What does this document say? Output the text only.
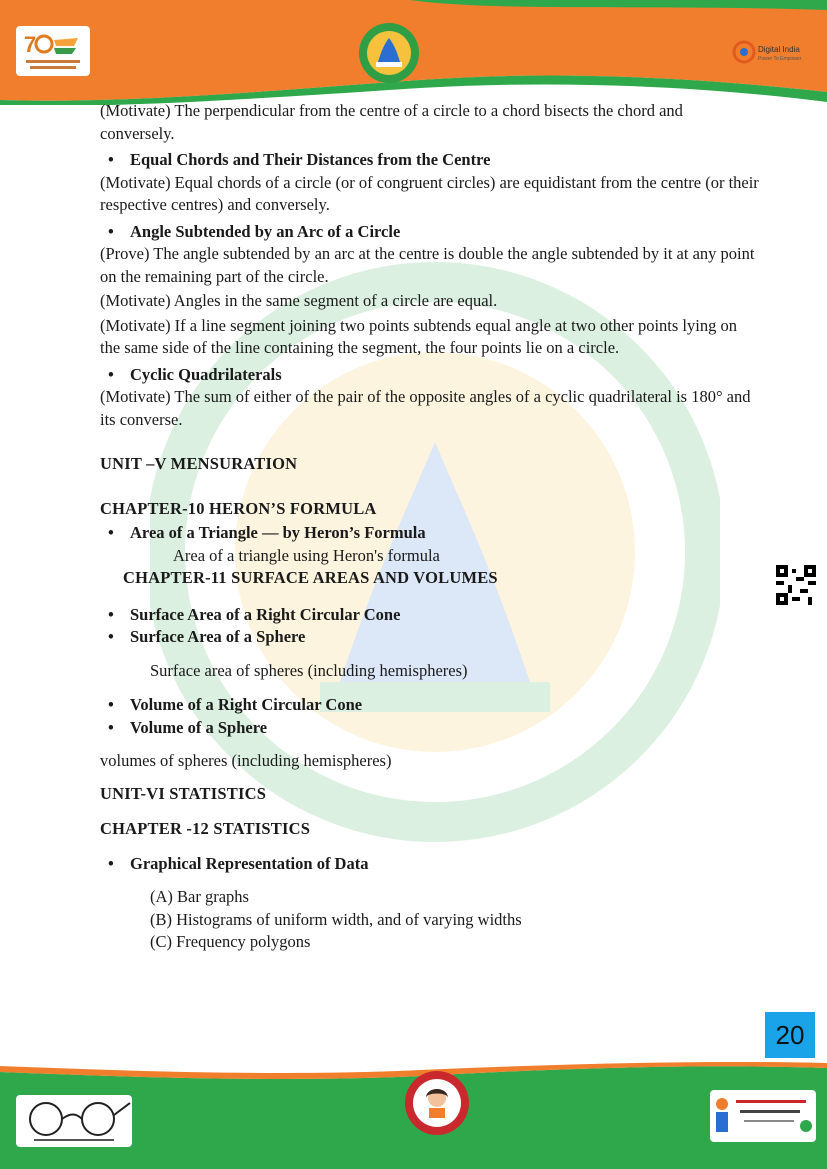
7	Digital India
Power To Empower

(Motivate) The perpendicular from the centre of a circle to a chord bisects the chord and conversely.

• Equal Chords and Their Distances from the Centre

(Motivate) Equal chords of a circle (or of congruent circles) are equidistant from the centre (or their respective centres) and conversely.

• Angle Subtended by an Arc of a Circle

(Prove) The angle subtended by an arc at the centre is double the angle subtended by it at any point on the remaining part of the circle.

(Motivate) Angles in the same segment of a circle are equal.

(Motivate) If a line segment joining two points subtends equal angle at two other points lying on the same side of the line containing the segment, the four points lie on a circle.

• Cyclic Quadrilaterals

(Motivate) The sum of either of the pair of the opposite angles of a cyclic quadrilateral is 180° and its converse.

UNIT –V MENSURATION

CHAPTER-10 HERON’S FORMULA

• Area of a Triangle — by Heron’s Formula

Area of a triangle using Heron's formula

CHAPTER-11 SURFACE AREAS AND VOLUMES

• Surface Area of a Right Circular Cone
• Surface Area of a Sphere

Surface area of spheres (including hemispheres)

• Volume of a Right Circular Cone
• Volume of a Sphere

volumes of spheres (including hemispheres)

UNIT-VI STATISTICS

CHAPTER -12 STATISTICS

• Graphical Representation of Data

(A) Bar graphs

(B) Histograms of uniform width, and of varying widths

(C) Frequency polygons

20
